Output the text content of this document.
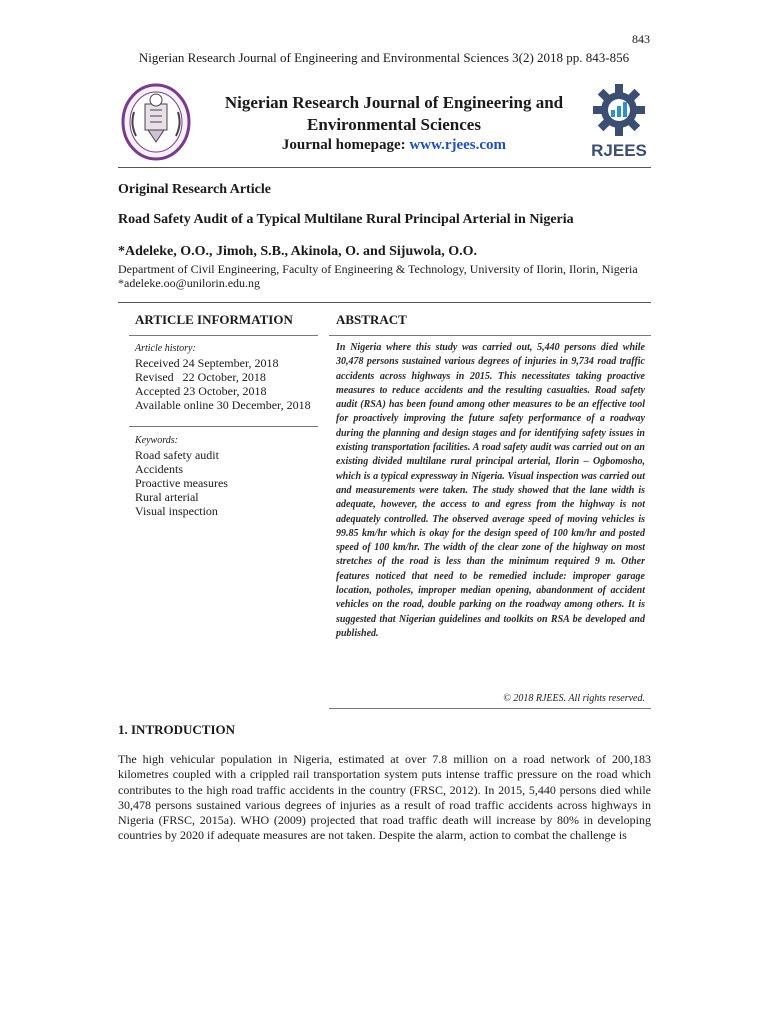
843
Nigerian Research Journal of Engineering and Environmental Sciences 3(2) 2018 pp. 843-856
Nigerian Research Journal of Engineering and
Environmental Sciences
Journal homepage: www.rjees.com	RJEES
Original Research Article
Road Safety Audit of a Typical Multilane Rural Principal Arterial in Nigeria
*Adeleke, O.O., Jimoh, S.B., Akinola, O. and Sijuwola, O.O.
Department of Civil Engineering, Faculty of Engineering & Technology, University of Ilorin, Ilorin, Nigeria
*adeleke.oo@unilorin.edu.ng
ARTICLE INFORMATION	ABSTRACT
Article history:
Received 24 September, 2018
Revised   22 October, 2018
Accepted 23 October, 2018
Available online 30 December, 2018
Keywords:
Road safety audit
Accidents
Proactive measures
Rural arterial
Visual inspection
In Nigeria where this study was carried out, 5,440 persons died while 30,478 persons sustained various degrees of injuries in 9,734 road traffic accidents across highways in 2015. This necessitates taking proactive measures to reduce accidents and the resulting casualties. Road safety audit (RSA) has been found among other measures to be an effective tool for proactively improving the future safety performance of a roadway during the planning and design stages and for identifying safety issues in existing transportation facilities. A road safety audit was carried out on an existing divided multilane rural principal arterial, Ilorin – Ogbomosho, which is a typical expressway in Nigeria. Visual inspection was carried out and measurements were taken. The study showed that the lane width is adequate, however, the access to and egress from the highway is not adequately controlled. The observed average speed of moving vehicles is 99.85 km/hr which is okay for the design speed of 100 km/hr and posted speed of 100 km/hr. The width of the clear zone of the highway on most stretches of the road is less than the minimum required 9 m. Other features noticed that need to be remedied include: improper garage location, potholes, improper median opening, abandonment of accident vehicles on the road, double parking on the roadway among others. It is suggested that Nigerian guidelines and toolkits on RSA be developed and published.
© 2018 RJEES. All rights reserved.
1. INTRODUCTION
The high vehicular population in Nigeria, estimated at over 7.8 million on a road network of 200,183 kilometres coupled with a crippled rail transportation system puts intense traffic pressure on the road which contributes to the high road traffic accidents in the country (FRSC, 2012). In 2015, 5,440 persons died while 30,478 persons sustained various degrees of injuries as a result of road traffic accidents across highways in Nigeria (FRSC, 2015a). WHO (2009) projected that road traffic death will increase by 80% in developing countries by 2020 if adequate measures are not taken. Despite the alarm, action to combat the challenge is
